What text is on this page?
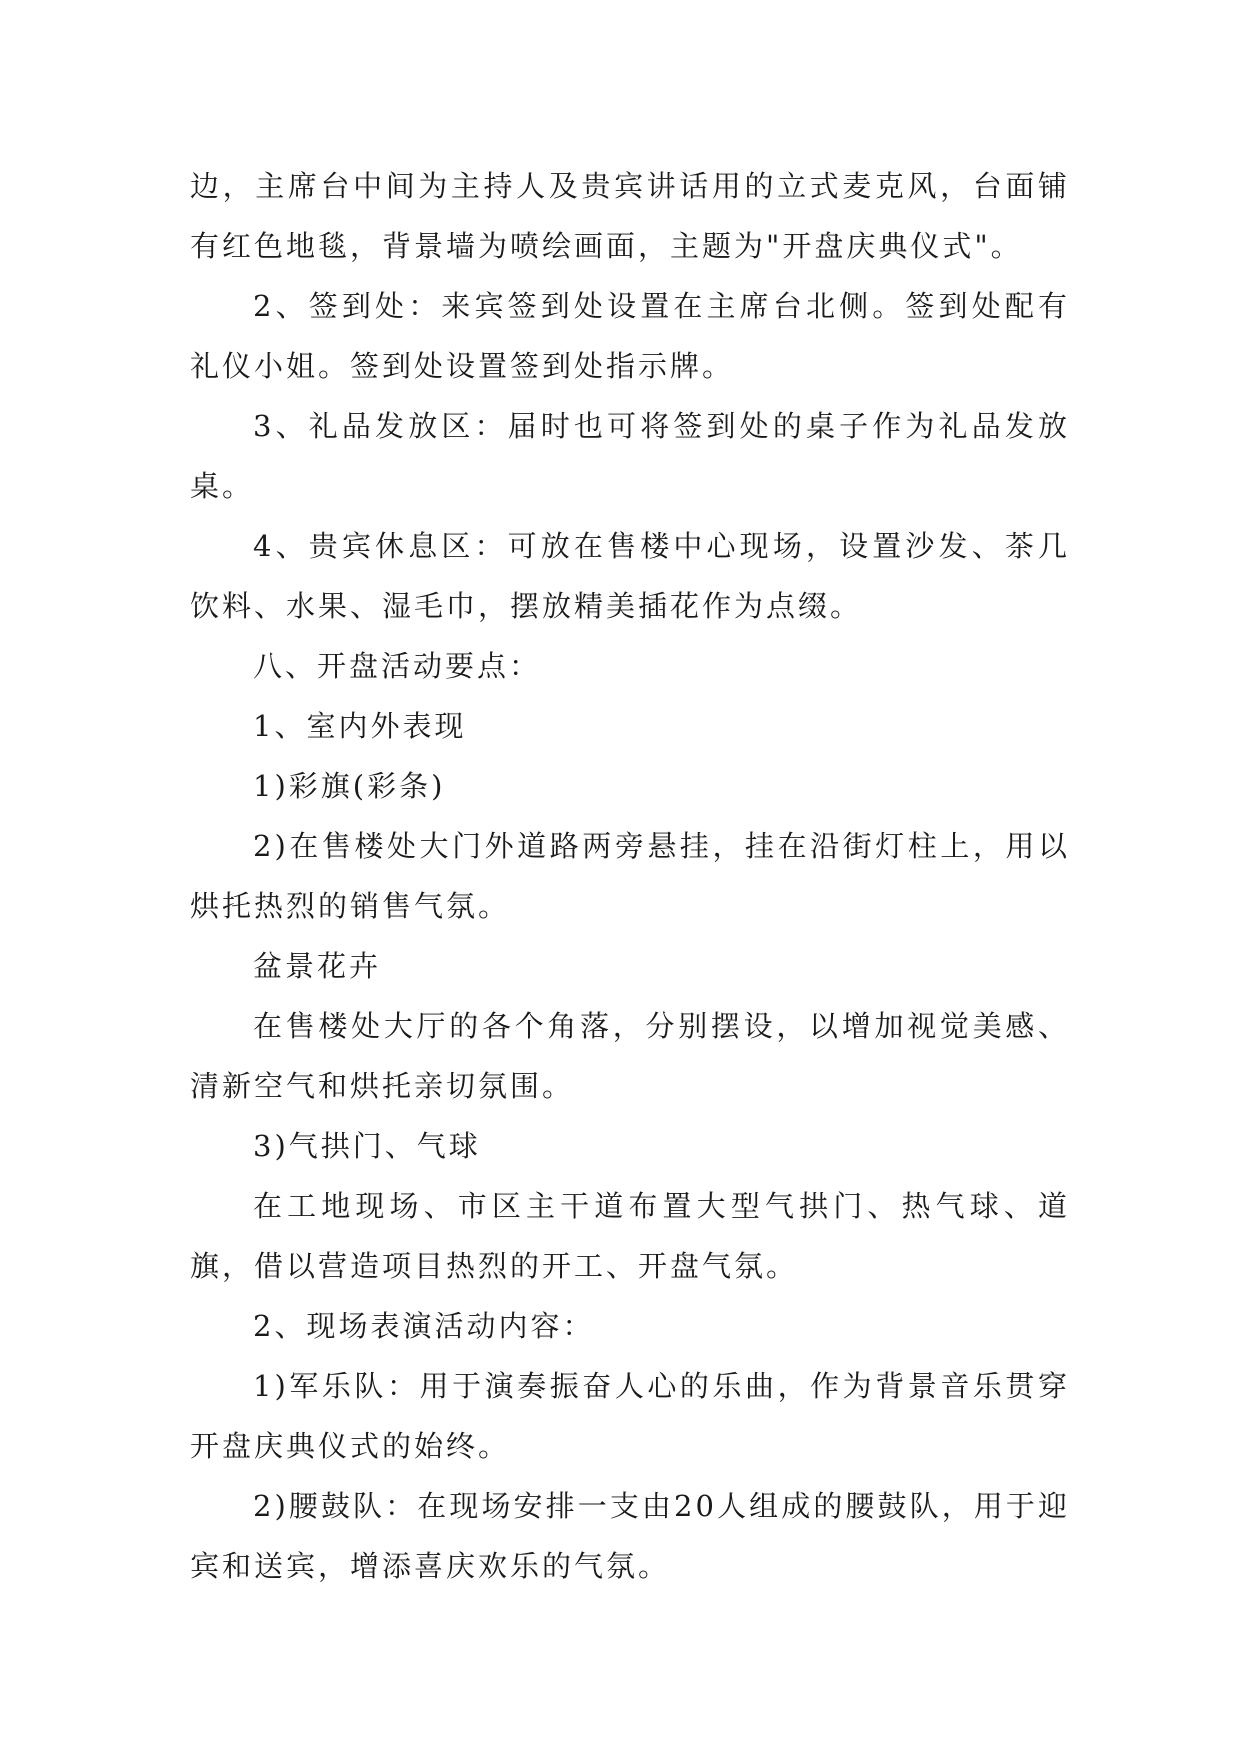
边，主席台中间为主持人及贵宾讲话用的立式麦克风，台面铺有红色地毯，背景墙为喷绘画面，主题为"开盘庆典仪式"。

2、签到处：来宾签到处设置在主席台北侧。签到处配有礼仪小姐。签到处设置签到处指示牌。

3、礼品发放区：届时也可将签到处的桌子作为礼品发放桌。

4、贵宾休息区：可放在售楼中心现场，设置沙发、茶几饮料、水果、湿毛巾，摆放精美插花作为点缀。

八、开盘活动要点：

1、室内外表现

1)彩旗(彩条)

2)在售楼处大门外道路两旁悬挂，挂在沿街灯柱上，用以烘托热烈的销售气氛。

盆景花卉

在售楼处大厅的各个角落，分别摆设，以增加视觉美感、清新空气和烘托亲切氛围。

3)气拱门、气球

在工地现场、市区主干道布置大型气拱门、热气球、道旗，借以营造项目热烈的开工、开盘气氛。

2、现场表演活动内容：

1)军乐队：用于演奏振奋人心的乐曲，作为背景音乐贯穿开盘庆典仪式的始终。

2)腰鼓队：在现场安排一支由20人组成的腰鼓队，用于迎宾和送宾，增添喜庆欢乐的气氛。
